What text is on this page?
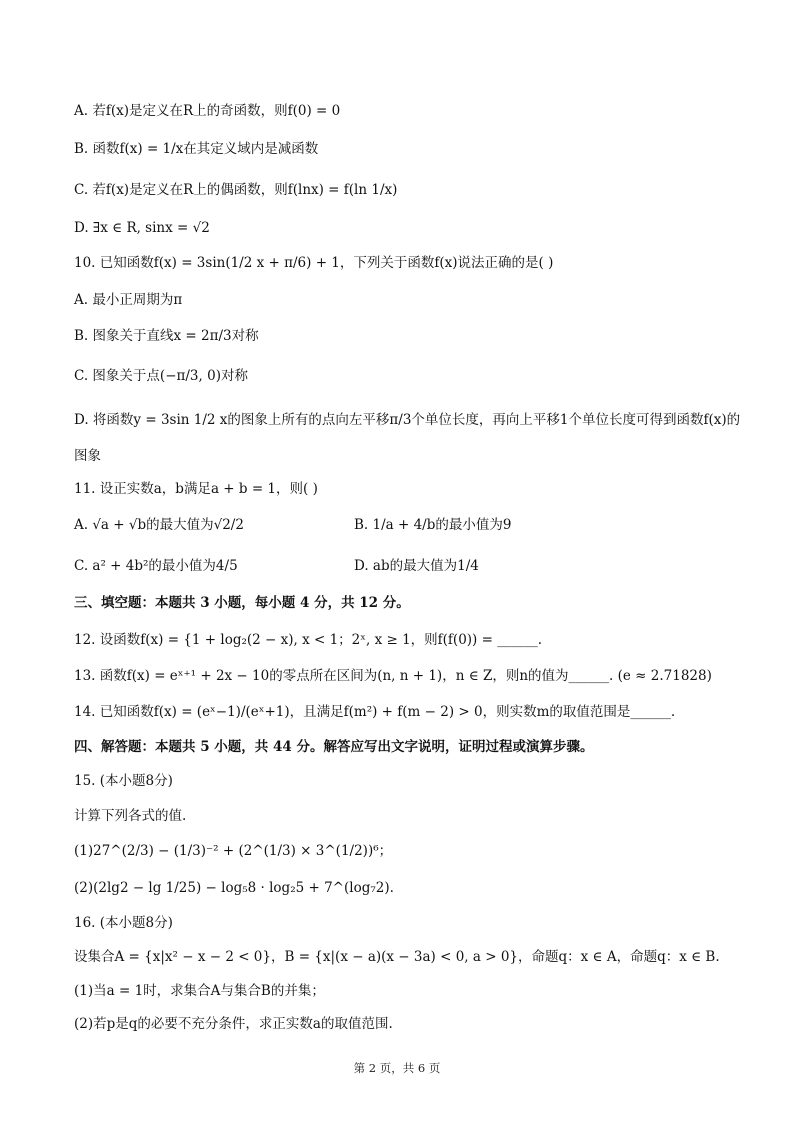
A. 若f(x)是定义在R上的奇函数，则f(0) = 0
B. 函数f(x) = 1/x在其定义域内是减函数
C. 若f(x)是定义在R上的偶函数，则f(lnx) = f(ln 1/x)
D. ∃x ∈ R, sinx = √2
10. 已知函数f(x) = 3sin(1/2 x + π/6) + 1，下列关于函数f(x)说法正确的是( )
A. 最小正周期为π
B. 图象关于直线x = 2π/3对称
C. 图象关于点(−π/3, 0)对称
D. 将函数y = 3sin 1/2 x的图象上所有的点向左平移π/3个单位长度，再向上平移1个单位长度可得到函数f(x)的
图象
11. 设正实数a，b满足a + b = 1，则( )
A. √a + √b的最大值为√2/2	B. 1/a + 4/b的最小值为9
C. a² + 4b²的最小值为4/5	D. ab的最大值为1/4
三、填空题：本题共 3 小题，每小题 4 分，共 12 分。
12. 设函数f(x) = {1 + log₂(2 − x), x < 1；2ˣ, x ≥ 1，则f(f(0)) = ______.
13. 函数f(x) = eˣ⁺¹ + 2x − 10的零点所在区间为(n, n + 1)，n ∈ Z，则n的值为______. (e ≈ 2.71828)
14. 已知函数f(x) = (eˣ−1)/(eˣ+1)，且满足f(m²) + f(m − 2) > 0，则实数m的取值范围是______.
四、解答题：本题共 5 小题，共 44 分。解答应写出文字说明，证明过程或演算步骤。
15. (本小题8分)
计算下列各式的值.
(1)27^(2/3) − (1/3)⁻² + (2^(1/3) × 3^(1/2))⁶；
(2)(2lg2 − lg 1/25) − log₅8 · log₂5 + 7^(log₇2).
16. (本小题8分)
设集合A = {x|x² − x − 2 < 0}，B = {x|(x − a)(x − 3a) < 0, a > 0}，命题q：x ∈ A，命题q：x ∈ B.
(1)当a = 1时，求集合A与集合B的并集；
(2)若p是q的必要不充分条件，求正实数a的取值范围.
第 2 页，共 6 页
